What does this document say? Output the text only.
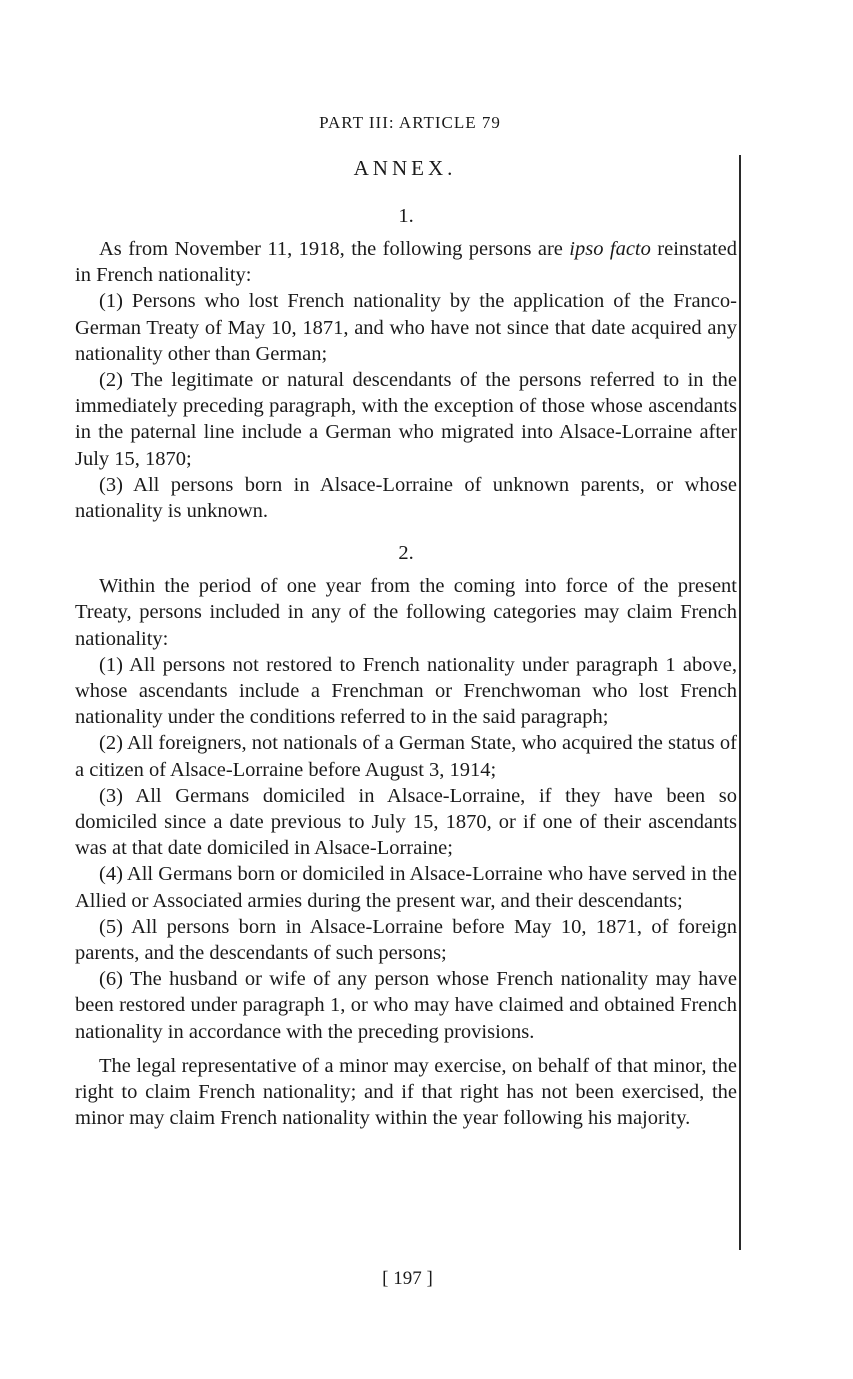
PART III: ARTICLE 79

ANNEX.
1.

As from November 11, 1918, the following persons are ipso facto reinstated in French nationality:

(1) Persons who lost French nationality by the application of the Franco-German Treaty of May 10, 1871, and who have not since that date acquired any nationality other than German;

(2) The legitimate or natural descendants of the persons referred to in the immediately preceding paragraph, with the exception of those whose ascendants in the paternal line include a German who migrated into Alsace-Lorraine after July 15, 1870;

(3) All persons born in Alsace-Lorraine of unknown parents, or whose nationality is unknown.

2.

Within the period of one year from the coming into force of the present Treaty, persons included in any of the following categories may claim French nationality:

(1) All persons not restored to French nationality under paragraph 1 above, whose ascendants include a Frenchman or Frenchwoman who lost French nationality under the conditions referred to in the said paragraph;

(2) All foreigners, not nationals of a German State, who acquired the status of a citizen of Alsace-Lorraine before August 3, 1914;

(3) All Germans domiciled in Alsace-Lorraine, if they have been so domiciled since a date previous to July 15, 1870, or if one of their ascendants was at that date domiciled in Alsace-Lorraine;

(4) All Germans born or domiciled in Alsace-Lorraine who have served in the Allied or Associated armies during the present war, and their descendants;

(5) All persons born in Alsace-Lorraine before May 10, 1871, of foreign parents, and the descendants of such persons;

(6) The husband or wife of any person whose French nationality may have been restored under paragraph 1, or who may have claimed and obtained French nationality in accordance with the preceding provisions.

The legal representative of a minor may exercise, on behalf of that minor, the right to claim French nationality; and if that right has not been exercised, the minor may claim French nationality within the year following his majority.

[ 197 ]
